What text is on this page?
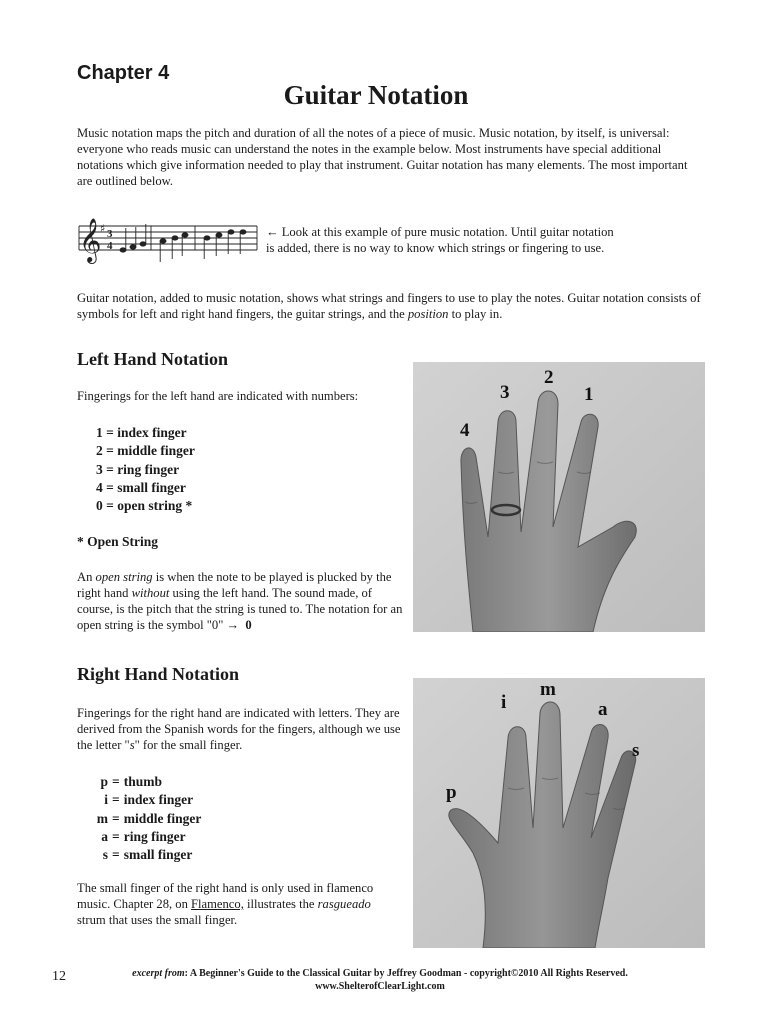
Chapter 4
Guitar Notation
Music notation maps the pitch and duration of all the notes of a piece of music. Music notation, by itself, is universal: everyone who reads music can understand the notes in the example below. Most instruments have special additional notations which give information needed to play that instrument. Guitar notation has many elements. The most important are outlined below.
𝄞
♯ 3
4
← Look at this example of pure music notation. Until guitar notation
is added, there is no way to know which strings or fingering to use.
Guitar notation, added to music notation, shows what strings and fingers to use to play the notes. Guitar notation consists of symbols for left and right hand fingers, the guitar strings, and the position to play in.
Left Hand Notation
Fingerings for the left hand are indicated with numbers:
1 = index finger
2 = middle finger
3 = ring finger
4 = small finger
0 = open string *
* Open String
An open string is when the note to be played is plucked by the right hand without using the left hand. The sound made, of course, is the pitch that the string is tuned to. The notation for an open string is the symbol "0" → 0
4
3
2
1
Right Hand Notation
Fingerings for the right hand are indicated with letters. They are derived from the Spanish words for the fingers, although we use the letter "s" for the small finger.
p = thumb
i = index finger
m = middle finger
a = ring finger
s = small finger
The small finger of the right hand is only used in flamenco music. Chapter 28, on Flamenco, illustrates the rasgueado strum that uses the small finger.
p
i
m
a
s
12	excerpt from: A Beginner's Guide to the Classical Guitar by Jeffrey Goodman - copyright©2010 All Rights Reserved.
www.ShelterofClearLight.com
